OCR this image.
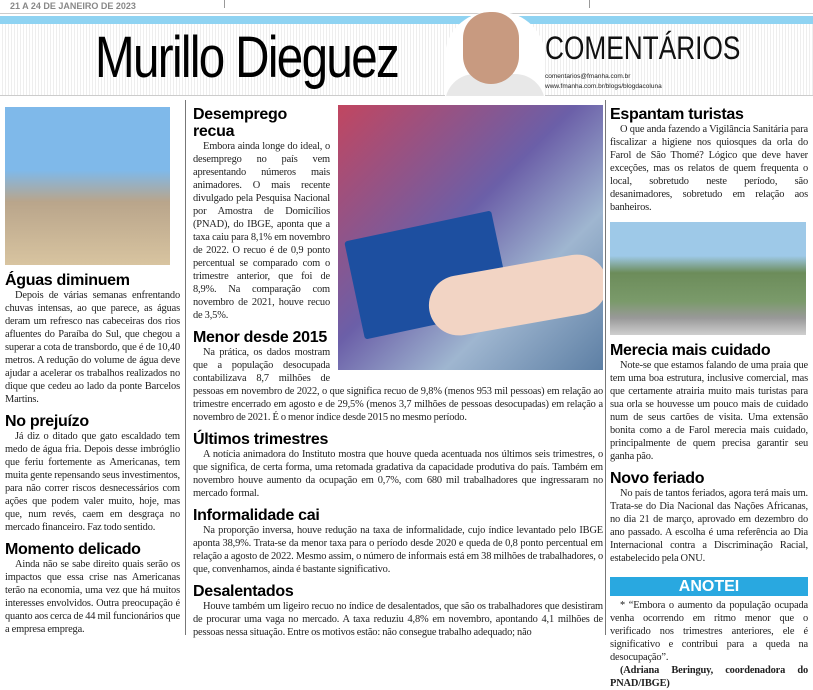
21 A 24 DE JANEIRO DE 2023
Murillo Dieguez	COMENTÁRIOS
comentarios@fmanha.com.br
www.fmanha.com.br/blogs/blogdacoluna
Águas diminuem

Depois de várias semanas enfrentando chuvas intensas, ao que parece, as águas deram um refresco nas cabeceiras dos rios afluentes do Paraíba do Sul, que chegou a superar a cota de transbordo, que é de 10,40 metros. A redução do volume de água deve ajudar a acelerar os trabalhos realizados no dique que cedeu ao lado da ponte Barcelos Martins.

No prejuízo

Já diz o ditado que gato escaldado tem medo de água fria. Depois desse imbróglio que feriu fortemente as Americanas, tem muita gente repensando seus investimentos, para não correr riscos desnecessários com ações que podem valer muito, hoje, mas que, num revés, caem em desgraça no mercado financeiro. Faz todo sentido.

Momento delicado

Ainda não se sabe direito quais serão os impactos que essa crise nas Americanas terão na economia, uma vez que há muitos interesses envolvidos. Outra preocupação é quanto aos cerca de 44 mil funcionários que a empresa emprega.

Desemprego recua

Embora ainda longe do ideal, o desemprego no país vem apresentando números mais animadores. O mais recente divulgado pela Pesquisa Nacional por Amostra de Domicílios (PNAD), do IBGE, aponta que a taxa caiu para 8,1% em novembro de 2022. O recuo é de 0,9 ponto percentual se comparado com o trimestre anterior, que foi de 8,9%. Na comparação com novembro de 2021, houve recuo de 3,5%.

Menor desde 2015

Na prática, os dados mostram que a população desocupada contabilizava 8,7 milhões de pessoas em novembro de 2022, o que significa recuo de 9,8% (menos 953 mil pessoas) em relação ao trimestre encerrado em agosto e de 29,5% (menos 3,7 milhões de pessoas desocupadas) em relação a novembro de 2021. É o menor índice desde 2015 no mesmo período.

Últimos trimestres

A notícia animadora do Instituto mostra que houve queda acentuada nos últimos seis trimestres, o que significa, de certa forma, uma retomada gradativa da capacidade produtiva do país. Também em novembro houve aumento da ocupação em 0,7%, com 680 mil trabalhadores que ingressaram no mercado formal.

Informalidade cai

Na proporção inversa, houve redução na taxa de informalidade, cujo índice levantado pelo IBGE aponta 38,9%. Trata-se da menor taxa para o período desde 2020 e queda de 0,8 ponto percentual em relação a agosto de 2022. Mesmo assim, o número de informais está em 38 milhões de trabalhadores, o que, convenhamos, ainda é bastante significativo.

Desalentados

Houve também um ligeiro recuo no índice de desalentados, que são os trabalhadores que desistiram de procurar uma vaga no mercado. A taxa reduziu 4,8% em novembro, apontando 4,1 milhões de pessoas nessa situação. Entre os motivos estão: não consegue trabalho adequado; não

Espantam turistas

O que anda fazendo a Vigilância Sanitária para fiscalizar a higiene nos quiosques da orla do Farol de São Thomé? Lógico que deve haver exceções, mas os relatos de quem frequenta o local, sobretudo neste período, são desanimadores, sobretudo em relação aos banheiros.

Merecia mais cuidado

Note-se que estamos falando de uma praia que tem uma boa estrutura, inclusive comercial, mas que certamente atrairia muito mais turistas para sua orla se houvesse um pouco mais de cuidado num de seus cartões de visita. Uma extensão bonita como a de Farol merecia mais cuidado, principalmente de quem precisa garantir seu ganha pão.

Novo feriado

No país de tantos feriados, agora terá mais um. Trata-se do Dia Nacional das Nações Africanas, no dia 21 de março, aprovado em dezembro do ano passado. A escolha é uma referência ao Dia Internacional contra a Discriminação Racial, estabelecido pela ONU.

ANOTEI

* “Embora o aumento da população ocupada venha ocorrendo em ritmo menor que o verificado nos trimestres anteriores, ele é significativo e contribui para a queda na desocupação”.

(Adriana Beringuy, coordenadora do PNAD/IBGE)
